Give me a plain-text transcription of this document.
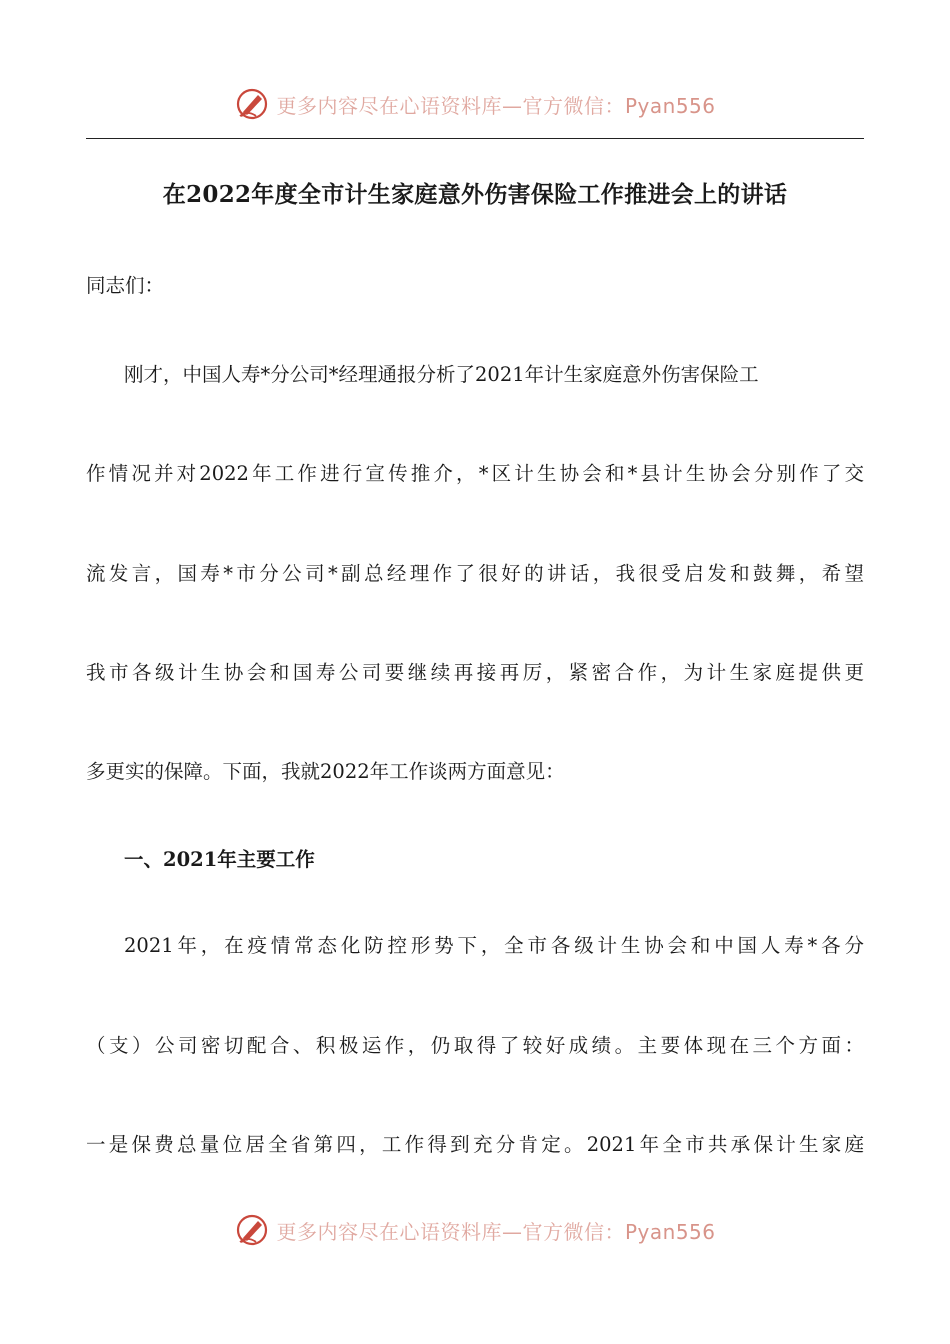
更多内容尽在心语资料库—官方微信：Pyan556
在2022年度全市计生家庭意外伤害保险工作推进会上的讲话
同志们：
刚才，中国人寿*分公司*经理通报分析了2021年计生家庭意外伤害保险工
作情况并对2022年工作进行宣传推介，*区计生协会和*县计生协会分别作了交
流发言，国寿*市分公司*副总经理作了很好的讲话，我很受启发和鼓舞，希望
我市各级计生协会和国寿公司要继续再接再厉，紧密合作，为计生家庭提供更
多更实的保障。下面，我就2022年工作谈两方面意见：
一、2021年主要工作
2021年，在疫情常态化防控形势下，全市各级计生协会和中国人寿*各分
（支）公司密切配合、积极运作，仍取得了较好成绩。主要体现在三个方面：
一是保费总量位居全省第四，工作得到充分肯定。2021年全市共承保计生家庭
更多内容尽在心语资料库—官方微信：Pyan556
